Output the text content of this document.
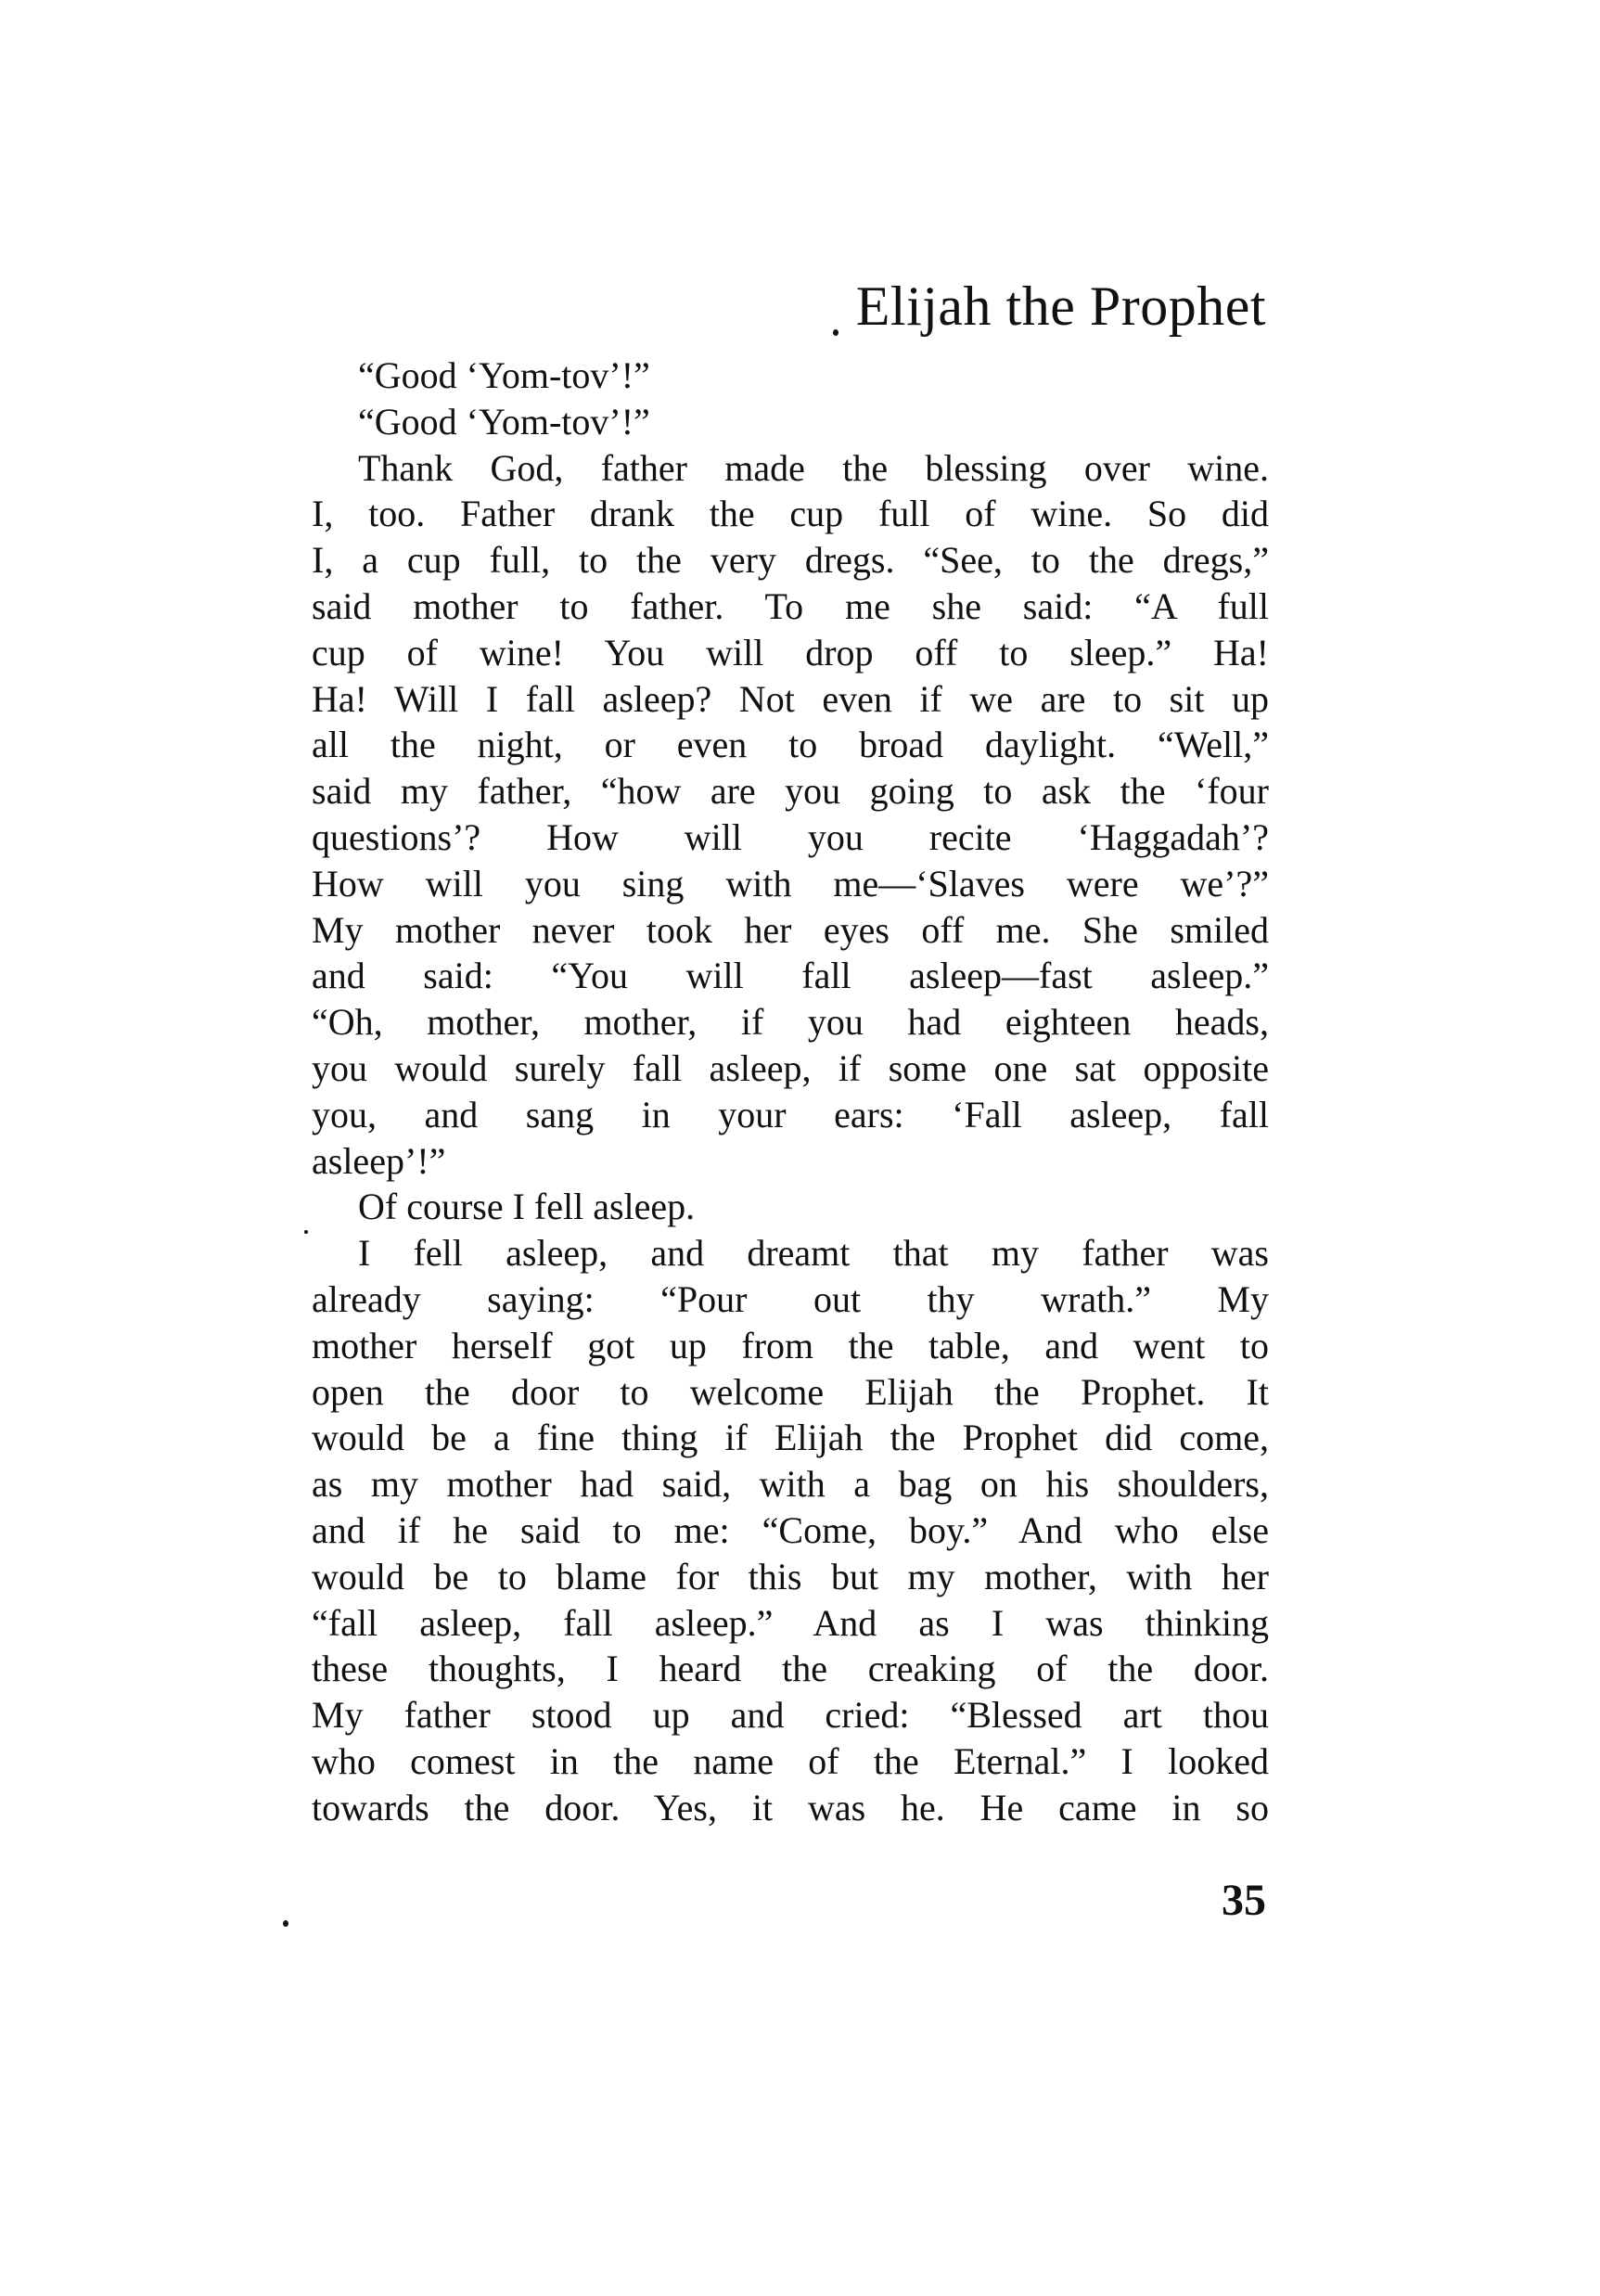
Elijah the Prophet
“Good ‘Yom-tov’!”
“Good ‘Yom-tov’!”
Thank God, father made the blessing over wine.
I, too. Father drank the cup full of wine. So did
I, a cup full, to the very dregs. “See, to the dregs,”
said mother to father. To me she said: “A full
cup of wine! You will drop off to sleep.” Ha!
Ha! Will I fall asleep? Not even if we are to sit up
all the night, or even to broad daylight. “Well,”
said my father, “how are you going to ask the ‘four
questions’? How will you recite ‘Haggadah’?
How will you sing with me—‘Slaves were we’?”
My mother never took her eyes off me. She smiled
and said: “You will fall asleep—fast asleep.”
“Oh, mother, mother, if you had eighteen heads,
you would surely fall asleep, if some one sat opposite
you, and sang in your ears: ‘Fall asleep, fall
asleep’!”
Of course I fell asleep.
I fell asleep, and dreamt that my father was
already saying: “Pour out thy wrath.” My
mother herself got up from the table, and went to
open the door to welcome Elijah the Prophet. It
would be a fine thing if Elijah the Prophet did come,
as my mother had said, with a bag on his shoulders,
and if he said to me: “Come, boy.” And who else
would be to blame for this but my mother, with her
“fall asleep, fall asleep.” And as I was thinking
these thoughts, I heard the creaking of the door.
My father stood up and cried: “Blessed art thou
who comest in the name of the Eternal.” I looked
towards the door. Yes, it was he. He came in so
35
